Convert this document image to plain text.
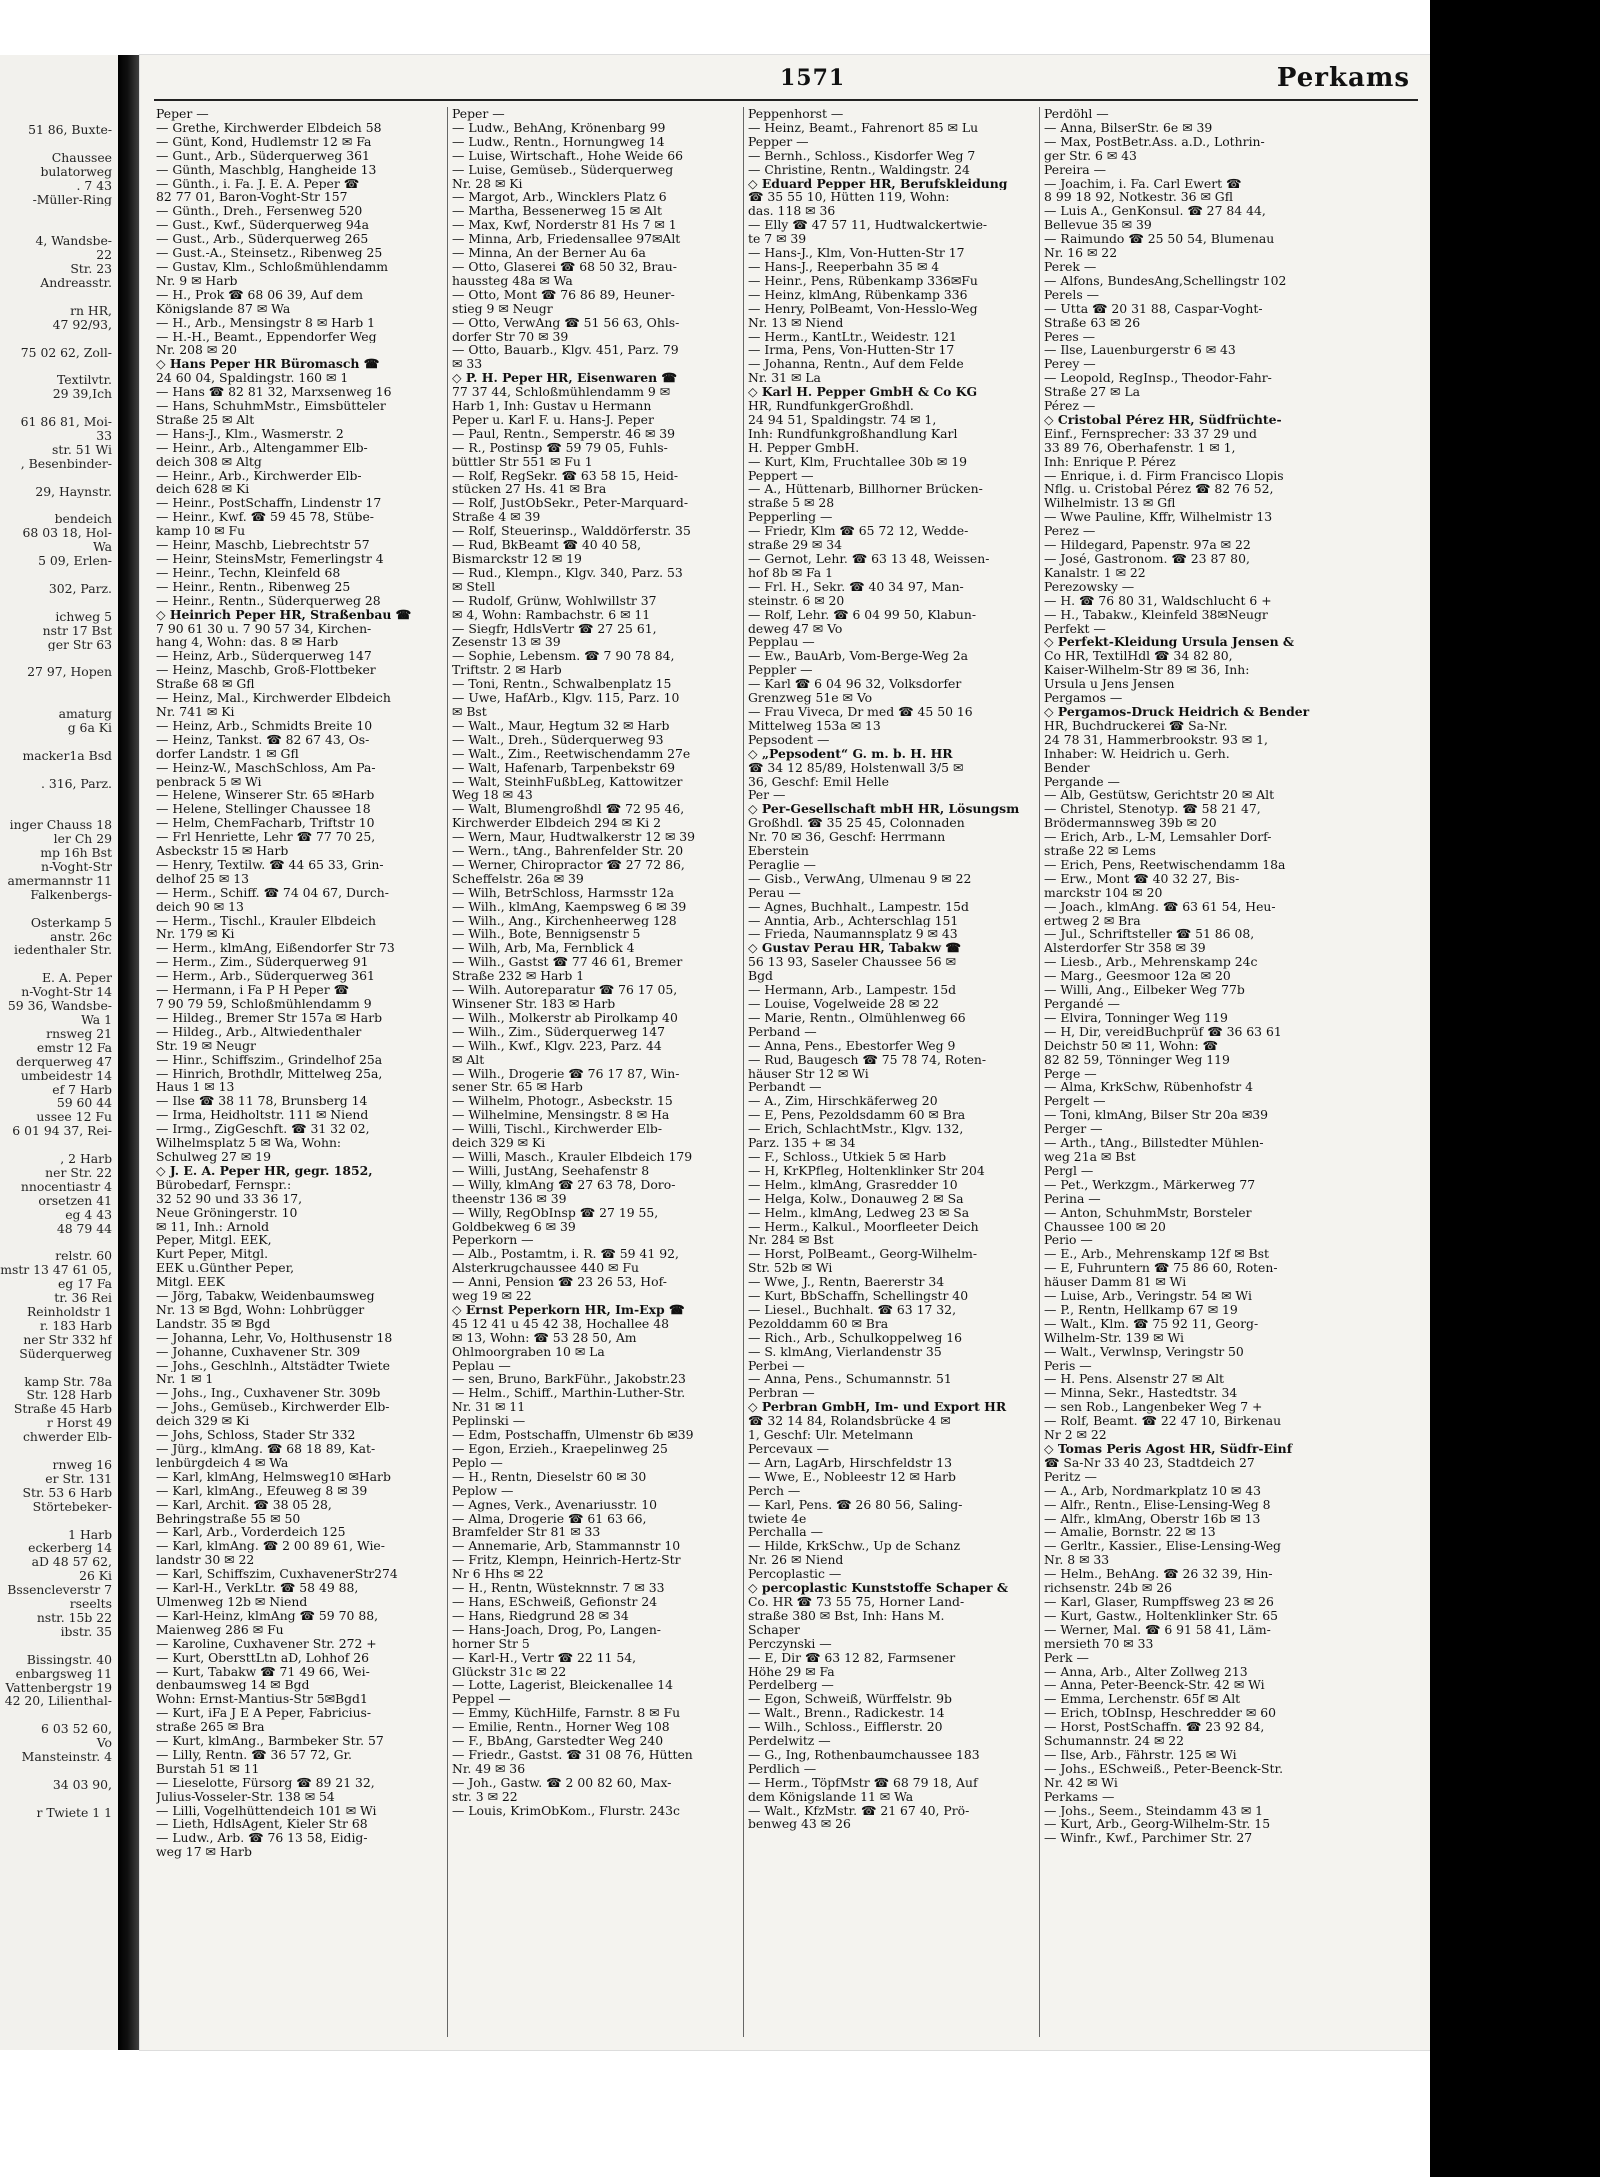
51 86, Buxte-

Chaussee
bulatorweg
. 7 43
-Müller-Ring

4, Wandsbe-
22
Str. 23
Andreasstr.

rn HR,
47 92/93,

75 02 62, Zoll-

Textilvtr.
29 39,Ich

61 86 81, Moi-
33
str. 51 Wi
, Besenbinder-

29, Haynstr.

bendeich
68 03 18, Hol-
Wa
5 09, Erlen-

302, Parz.

ichweg 5
nstr 17 Bst
ger Str 63

27 97, Hopen

amaturg
g 6a Ki

macker1a Bsd

. 316, Parz.

inger Chauss 18
ler Ch 29
mp 16h Bst
n-Voght-Str
amermannstr 11
Falkenbergs-

Osterkamp 5
anstr. 26c
iedenthaler Str.

E. A. Peper
n-Voght-Str 14
59 36, Wandsbe-
Wa 1
rnsweg 21
emstr 12 Fa
derquerweg 47
umbeidestr 14
ef 7 Harb
59 60 44
ussee 12 Fu
6 01 94 37, Rei-

, 2 Harb
ner Str. 22
nnocentiastr 4
orsetzen 41
eg 4 43
48 79 44

relstr. 60
mstr 13 47 61 05,
eg 17 Fa
tr. 36 Rei
Reinholdstr 1
r. 183 Harb
ner Str 332 hf
Süderquerweg

kamp Str. 78a
Str. 128 Harb
Straße 45 Harb
r Horst 49
chwerder Elb-

rnweg 16
er Str. 131
Str. 53 6 Harb
Störtebeker-

1 Harb
eckerberg 14
aD 48 57 62,
26 Ki
Bssencleverstr 7
rseelts
nstr. 15b 22
ibstr. 35

Bissingstr. 40
enbargsweg 11
Vattenbergstr 19
42 20, Lilienthal-

6 03 52 60,
Vo
Mansteinstr. 4

34 03 90,

r Twiete 1 1
1571	Perkams
Peper —
— Grethe, Kirchwerder Elbdeich 58
— Günt, Kond, Hudlemstr 12 ✉ Fa
— Gunt., Arb., Süderquerweg 361
— Günth, Maschblg, Hangheide 13
— Günth., i. Fa. J. E. A. Peper ☎
82 77 01, Baron-Voght-Str 157
— Günth., Dreh., Fersenweg 520
— Gust., Kwf., Süderquerweg 94a
— Gust., Arb., Süderquerweg 265
— Gust.-A., Steinsetz., Ribenweg 25
— Gustav, Klm., Schloßmühlendamm
Nr. 9 ✉ Harb
— H., Prok ☎ 68 06 39, Auf dem
Königslande 87 ✉ Wa
— H., Arb., Mensingstr 8 ✉ Harb 1
— H.-H., Beamt., Eppendorfer Weg
Nr. 208 ✉ 20
◇ Hans Peper HR Büromasch ☎
24 60 04, Spaldingstr. 160 ✉ 1
— Hans ☎ 82 81 32, Marxsenweg 16
— Hans, SchuhmMstr., Eimsbütteler
Straße 25 ✉ Alt
— Hans-J., Klm., Wasmerstr. 2
— Heinr., Arb., Altengammer Elb-
deich 308 ✉ Altg
— Heinr., Arb., Kirchwerder Elb-
deich 628 ✉ Ki
— Heinr., PostSchaffn, Lindenstr 17
— Heinr., Kwf. ☎ 59 45 78, Stübe-
kamp 10 ✉ Fu
— Heinr, Maschb, Liebrechtstr 57
— Heinr, SteinsMstr, Femerlingstr 4
— Heinr., Techn, Kleinfeld 68
— Heinr., Rentn., Ribenweg 25
— Heinr., Rentn., Süderquerweg 28
◇ Heinrich Peper HR, Straßenbau ☎
7 90 61 30 u. 7 90 57 34, Kirchen-
hang 4, Wohn: das. 8 ✉ Harb
— Heinz, Arb., Süderquerweg 147
— Heinz, Maschb, Groß-Flottbeker
Straße 68 ✉ Gfl
— Heinz, Mal., Kirchwerder Elbdeich
Nr. 741 ✉ Ki
— Heinz, Arb., Schmidts Breite 10
— Heinz, Tankst. ☎ 82 67 43, Os-
dorfer Landstr. 1 ✉ Gfl
— Heinz-W., MaschSchloss, Am Pa-
penbrack 5 ✉ Wi
— Helene, Winserer Str. 65 ✉Harb
— Helene, Stellinger Chaussee 18
— Helm, ChemFacharb, Triftstr 10
— Frl Henriette, Lehr ☎ 77 70 25,
Asbeckstr 15 ✉ Harb
— Henry, Textilw. ☎ 44 65 33, Grin-
delhof 25 ✉ 13
— Herm., Schiff. ☎ 74 04 67, Durch-
deich 90 ✉ 13
— Herm., Tischl., Krauler Elbdeich
Nr. 179 ✉ Ki
— Herm., klmAng, Eißendorfer Str 73
— Herm., Zim., Süderquerweg 91
— Herm., Arb., Süderquerweg 361
— Hermann, i Fa P H Peper ☎
7 90 79 59, Schloßmühlendamm 9
— Hildeg., Bremer Str 157a ✉ Harb
— Hildeg., Arb., Altwiedenthaler
Str. 19 ✉ Neugr
— Hinr., Schiffszim., Grindelhof 25a
— Hinrich, Brothdlr, Mittelweg 25a,
Haus 1 ✉ 13
— Ilse ☎ 38 11 78, Brunsberg 14
— Irma, Heidholtstr. 111 ✉ Niend
— Irmg., ZigGeschft. ☎ 31 32 02,
Wilhelmsplatz 5 ✉ Wa, Wohn:
Schulweg 27 ✉ 19
◇ J. E. A. Peper HR, gegr. 1852,
Bürobedarf, Fernspr.:
32 52 90 und 33 36 17,
Neue Gröningerstr. 10
✉ 11, Inh.: Arnold
Peper, Mitgl. EEK,
Kurt Peper, Mitgl.
EEK u.Günther Peper,
Mitgl. EEK
— Jörg, Tabakw, Weidenbaumsweg
Nr. 13 ✉ Bgd, Wohn: Lohbrügger
Landstr. 35 ✉ Bgd
— Johanna, Lehr, Vo, Holthusenstr 18
— Johanne, Cuxhavener Str. 309
— Johs., Geschlnh., Altstädter Twiete
Nr. 1 ✉ 1
— Johs., Ing., Cuxhavener Str. 309b
— Johs., Gemüseb., Kirchwerder Elb-
deich 329 ✉ Ki
— Johs, Schloss, Stader Str 332
— Jürg., klmAng. ☎ 68 18 89, Kat-
lenbürgdeich 4 ✉ Wa
— Karl, klmAng, Helmsweg10 ✉Harb
— Karl, klmAng., Efeuweg 8 ✉ 39
— Karl, Archit. ☎ 38 05 28,
Behringstraße 55 ✉ 50
— Karl, Arb., Vorderdeich 125
— Karl, klmAng. ☎ 2 00 89 61, Wie-
landstr 30 ✉ 22
— Karl, Schiffszim, CuxhavenerStr274
— Karl-H., VerkLtr. ☎ 58 49 88,
Ulmenweg 12b ✉ Niend
— Karl-Heinz, klmAng ☎ 59 70 88,
Maienweg 286 ✉ Fu
— Karoline, Cuxhavener Str. 272 +
— Kurt, ObersttLtn aD, Lohhof 26
— Kurt, Tabakw ☎ 71 49 66, Wei-
denbaumsweg 14 ✉ Bgd
Wohn: Ernst-Mantius-Str 5✉Bgd1
— Kurt, iFa J E A Peper, Fabricius-
straße 265 ✉ Bra
— Kurt, klmAng., Barmbeker Str. 57
— Lilly, Rentn. ☎ 36 57 72, Gr.
Burstah 51 ✉ 11
— Lieselotte, Fürsorg ☎ 89 21 32,
Julius-Vosseler-Str. 138 ✉ 54
— Lilli, Vogelhüttendeich 101 ✉ Wi
— Lieth, HdlsAgent, Kieler Str 68
— Ludw., Arb. ☎ 76 13 58, Eidig-
weg 17 ✉ Harb
Peper —
— Ludw., BehAng, Krönenbarg 99
— Ludw., Rentn., Hornungweg 14
— Luise, Wirtschaft., Hohe Weide 66
— Luise, Gemüseb., Süderquerweg
Nr. 28 ✉ Ki
— Margot, Arb., Wincklers Platz 6
— Martha, Bessenerweg 15 ✉ Alt
— Max, Kwf, Norderstr 81 Hs 7 ✉ 1
— Minna, Arb, Friedensallee 97✉Alt
— Minna, An der Berner Au 6a
— Otto, Glaserei ☎ 68 50 32, Brau-
haussteg 48a ✉ Wa
— Otto, Mont ☎ 76 86 89, Heuner-
stieg 9 ✉ Neugr
— Otto, VerwAng ☎ 51 56 63, Ohls-
dorfer Str 70 ✉ 39
— Otto, Bauarb., Klgv. 451, Parz. 79
✉ 33
◇ P. H. Peper HR, Eisenwaren ☎
77 37 44, Schloßmühlendamm 9 ✉
Harb 1, Inh: Gustav u Hermann
Peper u. Karl F. u. Hans-J. Peper
— Paul, Rentn., Semperstr. 46 ✉ 39
— R., Postinsp ☎ 59 79 05, Fuhls-
büttler Str 551 ✉ Fu 1
— Rolf, RegSekr. ☎ 63 58 15, Heid-
stücken 27 Hs. 41 ✉ Bra
— Rolf, JustObSekr., Peter-Marquard-
Straße 4 ✉ 39
— Rolf, Steuerinsp., Walddörferstr. 35
— Rud, BkBeamt ☎ 40 40 58,
Bismarckstr 12 ✉ 19
— Rud., Klempn., Klgv. 340, Parz. 53
✉ Stell
— Rudolf, Grünw, Wohlwillstr 37
✉ 4, Wohn: Rambachstr. 6 ✉ 11
— Siegfr, HdlsVertr ☎ 27 25 61,
Zesenstr 13 ✉ 39
— Sophie, Lebensm. ☎ 7 90 78 84,
Triftstr. 2 ✉ Harb
— Toni, Rentn., Schwalbenplatz 15
— Uwe, HafArb., Klgv. 115, Parz. 10
✉ Bst
— Walt., Maur, Hegtum 32 ✉ Harb
— Walt., Dreh., Süderquerweg 93
— Walt., Zim., Reetwischendamm 27e
— Walt, Hafenarb, Tarpenbekstr 69
— Walt, SteinhFußbLeg, Kattowitzer
Weg 18 ✉ 43
— Walt, Blumengroßhdl ☎ 72 95 46,
Kirchwerder Elbdeich 294 ✉ Ki 2
— Wern, Maur, Hudtwalkerstr 12 ✉ 39
— Wern., tAng., Bahrenfelder Str. 20
— Werner, Chiropractor ☎ 27 72 86,
Scheffelstr. 26a ✉ 39
— Wilh, BetrSchloss, Harmsstr 12a
— Wilh., klmAng, Kaempsweg 6 ✉ 39
— Wilh., Ang., Kirchenheerweg 128
— Wilh., Bote, Bennigsenstr 5
— Wilh, Arb, Ma, Fernblick 4
— Wilh., Gastst ☎ 77 46 61, Bremer
Straße 232 ✉ Harb 1
— Wilh. Autoreparatur ☎ 76 17 05,
Winsener Str. 183 ✉ Harb
— Wilh., Molkerstr ab Pirolkamp 40
— Wilh., Zim., Süderquerweg 147
— Wilh., Kwf., Klgv. 223, Parz. 44
✉ Alt
— Wilh., Drogerie ☎ 76 17 87, Win-
sener Str. 65 ✉ Harb
— Wilhelm, Photogr., Asbeckstr. 15
— Wilhelmine, Mensingstr. 8 ✉ Ha
— Willi, Tischl., Kirchwerder Elb-
deich 329 ✉ Ki
— Willi, Masch., Krauler Elbdeich 179
— Willi, JustAng, Seehafenstr 8
— Willy, klmAng ☎ 27 63 78, Doro-
theenstr 136 ✉ 39
— Willy, RegObInsp ☎ 27 19 55,
Goldbekweg 6 ✉ 39
Peperkorn —
— Alb., Postamtm, i. R. ☎ 59 41 92,
Alsterkrugchaussee 440 ✉ Fu
— Anni, Pension ☎ 23 26 53, Hof-
weg 19 ✉ 22
◇ Ernst Peperkorn HR, Im-Exp ☎
45 12 41 u 45 42 38, Hochallee 48
✉ 13, Wohn: ☎ 53 28 50, Am
Ohlmoorgraben 10 ✉ La
Peplau —
— sen, Bruno, BarkFühr., Jakobstr.23
— Helm., Schiff., Marthin-Luther-Str.
Nr. 31 ✉ 11
Peplinski —
— Edm, Postschaffn, Ulmenstr 6b ✉39
— Egon, Erzieh., Kraepelinweg 25
Peplo —
— H., Rentn, Dieselstr 60 ✉ 30
Peplow —
— Agnes, Verk., Avenariusstr. 10
— Alma, Drogerie ☎ 61 63 66,
Bramfelder Str 81 ✉ 33
— Annemarie, Arb, Stammannstr 10
— Fritz, Klempn, Heinrich-Hertz-Str
Nr 6 Hhs ✉ 22
— H., Rentn, Wüsteknnstr. 7 ✉ 33
— Hans, ESchweiß, Gefionstr 24
— Hans, Riedgrund 28 ✉ 34
— Hans-Joach, Drog, Po, Langen-
horner Str 5
— Karl-H., Vertr ☎ 22 11 54,
Glückstr 31c ✉ 22
— Lotte, Lagerist, Bleickenallee 14
Peppel —
— Emmy, KüchHilfe, Farnstr. 8 ✉ Fu
— Emilie, Rentn., Horner Weg 108
— F., BbAng, Garstedter Weg 240
— Friedr., Gastst. ☎ 31 08 76, Hütten
Nr. 49 ✉ 36
— Joh., Gastw. ☎ 2 00 82 60, Max-
str. 3 ✉ 22
— Louis, KrimObKom., Flurstr. 243c
Peppenhorst —
— Heinz, Beamt., Fahrenort 85 ✉ Lu
Pepper —
— Bernh., Schloss., Kisdorfer Weg 7
— Christine, Rentn., Waldingstr. 24
◇ Eduard Pepper HR, Berufskleidung
☎ 35 55 10, Hütten 119, Wohn:
das. 118 ✉ 36
— Elly ☎ 47 57 11, Hudtwalckertwie-
te 7 ✉ 39
— Hans-J., Klm, Von-Hutten-Str 17
— Hans-J., Reeperbahn 35 ✉ 4
— Heinr., Pens, Rübenkamp 336✉Fu
— Heinz, klmAng, Rübenkamp 336
— Henry, PolBeamt, Von-Hesslo-Weg
Nr. 13 ✉ Niend
— Herm., KantLtr., Weidestr. 121
— Irma, Pens, Von-Hutten-Str 17
— Johanna, Rentn., Auf dem Felde
Nr. 31 ✉ La
◇ Karl H. Pepper GmbH & Co KG
HR, RundfunkgerGroßhdl.
24 94 51, Spaldingstr. 74 ✉ 1,
Inh: Rundfunkgroßhandlung Karl
H. Pepper GmbH.
— Kurt, Klm, Fruchtallee 30b ✉ 19
Peppert —
— A., Hüttenarb, Billhorner Brücken-
straße 5 ✉ 28
Pepperling —
— Friedr, Klm ☎ 65 72 12, Wedde-
straße 29 ✉ 34
— Gernot, Lehr. ☎ 63 13 48, Weissen-
hof 8b ✉ Fa 1
— Frl. H., Sekr. ☎ 40 34 97, Man-
steinstr. 6 ✉ 20
— Rolf, Lehr. ☎ 6 04 99 50, Klabun-
deweg 47 ✉ Vo
Pepplau —
— Ew., BauArb, Vom-Berge-Weg 2a
Peppler —
— Karl ☎ 6 04 96 32, Volksdorfer
Grenzweg 51e ✉ Vo
— Frau Viveca, Dr med ☎ 45 50 16
Mittelweg 153a ✉ 13
Pepsodent —
◇ „Pepsodent“ G. m. b. H. HR
☎ 34 12 85/89, Holstenwall 3/5 ✉
36, Geschf: Emil Helle
Per —
◇ Per-Gesellschaft mbH HR, Lösungsm
Großhdl. ☎ 35 25 45, Colonnaden
Nr. 70 ✉ 36, Geschf: Herrmann
Eberstein
Peraglie —
— Gisb., VerwAng, Ulmenau 9 ✉ 22
Perau —
— Agnes, Buchhalt., Lampestr. 15d
— Anntia, Arb., Achterschlag 151
— Frieda, Naumannsplatz 9 ✉ 43
◇ Gustav Perau HR, Tabakw ☎
56 13 93, Saseler Chaussee 56 ✉
Bgd
— Hermann, Arb., Lampestr. 15d
— Louise, Vogelweide 28 ✉ 22
— Marie, Rentn., Olmühlenweg 66
Perband —
— Anna, Pens., Ebestorfer Weg 9
— Rud, Baugesch ☎ 75 78 74, Roten-
häuser Str 12 ✉ Wi
Perbandt —
— A., Zim, Hirschkäferweg 20
— E, Pens, Pezoldsdamm 60 ✉ Bra
— Erich, SchlachtMstr., Klgv. 132,
Parz. 135 + ✉ 34
— F., Schloss., Utkiek 5 ✉ Harb
— H, KrKPfleg, Holtenklinker Str 204
— Helm., klmAng, Grasredder 10
— Helga, Kolw., Donauweg 2 ✉ Sa
— Helm., klmAng, Ledweg 23 ✉ Sa
— Herm., Kalkul., Moorfleeter Deich
Nr. 284 ✉ Bst
— Horst, PolBeamt., Georg-Wilhelm-
Str. 52b ✉ Wi
— Wwe, J., Rentn, Baererstr 34
— Kurt, BbSchaffn, Schellingstr 40
— Liesel., Buchhalt. ☎ 63 17 32,
Pezolddamm 60 ✉ Bra
— Rich., Arb., Schulkoppelweg 16
— S. klmAng, Vierlandenstr 35
Perbei —
— Anna, Pens., Schumannstr. 51
Perbran —
◇ Perbran GmbH, Im- und Export HR
☎ 32 14 84, Rolandsbrücke 4 ✉
1, Geschf: Ulr. Metelmann
Percevaux —
— Arn, LagArb, Hirschfeldstr 13
— Wwe, E., Nobleestr 12 ✉ Harb
Perch —
— Karl, Pens. ☎ 26 80 56, Saling-
twiete 4e
Perchalla —
— Hilde, KrkSchw., Up de Schanz
Nr. 26 ✉ Niend
Percoplastic —
◇ percoplastic Kunststoffe Schaper &
Co. HR ☎ 73 55 75, Horner Land-
straße 380 ✉ Bst, Inh: Hans M.
Schaper
Perczynski —
— E, Dir ☎ 63 12 82, Farmsener
Höhe 29 ✉ Fa
Perdelberg —
— Egon, Schweiß, Würffelstr. 9b
— Walt., Brenn., Radickestr. 14
— Wilh., Schloss., Eifflerstr. 20
Perdelwitz —
— G., Ing, Rothenbaumchaussee 183
Perdlich —
— Herm., TöpfMstr ☎ 68 79 18, Auf
dem Königslande 11 ✉ Wa
— Walt., KfzMstr. ☎ 21 67 40, Prö-
benweg 43 ✉ 26
Perdöhl —
— Anna, BilserStr. 6e ✉ 39
— Max, PostBetr.Ass. a.D., Lothrin-
ger Str. 6 ✉ 43
Pereira —
— Joachim, i. Fa. Carl Ewert ☎
8 99 18 92, Notkestr. 36 ✉ Gfl
— Luis A., GenKonsul. ☎ 27 84 44,
Bellevue 35 ✉ 39
— Raimundo ☎ 25 50 54, Blumenau
Nr. 16 ✉ 22
Perek —
— Alfons, BundesAng,Schellingstr 102
Perels —
— Utta ☎ 20 31 88, Caspar-Voght-
Straße 63 ✉ 26
Peres —
— Ilse, Lauenburgerstr 6 ✉ 43
Perey —
— Leopold, RegInsp., Theodor-Fahr-
Straße 27 ✉ La
Pérez —
◇ Cristobal Pérez HR, Südfrüchte-
Einf., Fernsprecher: 33 37 29 und
33 89 76, Oberhafenstr. 1 ✉ 1,
Inh: Enrique P. Pérez
— Enrique, i. d. Firm Francisco Llopis
Nflg. u. Cristobal Pérez ☎ 82 76 52,
Wilhelmistr. 13 ✉ Gfl
— Wwe Pauline, Kffr, Wilhelmistr 13
Perez —
— Hildegard, Papenstr. 97a ✉ 22
— José, Gastronom. ☎ 23 87 80,
Kanalstr. 1 ✉ 22
Perezowsky —
— H. ☎ 76 80 31, Waldschlucht 6 +
— H., Tabakw., Kleinfeld 38✉Neugr
Perfekt —
◇ Perfekt-Kleidung Ursula Jensen &
Co HR, TextilHdl ☎ 34 82 80,
Kaiser-Wilhelm-Str 89 ✉ 36, Inh:
Ursula u Jens Jensen
Pergamos —
◇ Pergamos-Druck Heidrich & Bender
HR, Buchdruckerei ☎ Sa-Nr.
24 78 31, Hammerbrookstr. 93 ✉ 1,
Inhaber: W. Heidrich u. Gerh.
Bender
Pergande —
— Alb, Gestütsw, Gerichtstr 20 ✉ Alt
— Christel, Stenotyp. ☎ 58 21 47,
Brödermannsweg 39b ✉ 20
— Erich, Arb., L-M, Lemsahler Dorf-
straße 22 ✉ Lems
— Erich, Pens, Reetwischendamm 18a
— Erw., Mont ☎ 40 32 27, Bis-
marckstr 104 ✉ 20
— Joach., klmAng. ☎ 63 61 54, Heu-
ertweg 2 ✉ Bra
— Jul., Schriftsteller ☎ 51 86 08,
Alsterdorfer Str 358 ✉ 39
— Liesb., Arb., Mehrenskamp 24c
— Marg., Geesmoor 12a ✉ 20
— Willi, Ang., Eilbeker Weg 77b
Pergandé —
— Elvira, Tonninger Weg 119
— H, Dir, vereidBuchprüf ☎ 36 63 61
Deichstr 50 ✉ 11, Wohn: ☎
82 82 59, Tönninger Weg 119
Perge —
— Alma, KrkSchw, Rübenhofstr 4
Pergelt —
— Toni, klmAng, Bilser Str 20a ✉39
Perger —
— Arth., tAng., Billstedter Mühlen-
weg 21a ✉ Bst
Pergl —
— Pet., Werkzgm., Märkerweg 77
Perina —
— Anton, SchuhmMstr, Borsteler
Chaussee 100 ✉ 20
Perio —
— E., Arb., Mehrenskamp 12f ✉ Bst
— E, Fuhruntern ☎ 75 86 60, Roten-
häuser Damm 81 ✉ Wi
— Luise, Arb., Veringstr. 54 ✉ Wi
— P., Rentn, Hellkamp 67 ✉ 19
— Walt., Klm. ☎ 75 92 11, Georg-
Wilhelm-Str. 139 ✉ Wi
— Walt., Verwlnsp, Veringstr 50
Peris —
— H. Pens. Alsenstr 27 ✉ Alt
— Minna, Sekr., Hastedtstr. 34
— sen Rob., Langenbeker Weg 7 +
— Rolf, Beamt. ☎ 22 47 10, Birkenau
Nr 2 ✉ 22
◇ Tomas Peris Agost HR, Südfr-Einf
☎ Sa-Nr 33 40 23, Stadtdeich 27
Peritz —
— A., Arb, Nordmarkplatz 10 ✉ 43
— Alfr., Rentn., Elise-Lensing-Weg 8
— Alfr., klmAng, Oberstr 16b ✉ 13
— Amalie, Bornstr. 22 ✉ 13
— Gerltr., Kassier., Elise-Lensing-Weg
Nr. 8 ✉ 33
— Helm., BehAng. ☎ 26 32 39, Hin-
richsenstr. 24b ✉ 26
— Karl, Glaser, Rumpffsweg 23 ✉ 26
— Kurt, Gastw., Holtenklinker Str. 65
— Werner, Mal. ☎ 6 91 58 41, Läm-
mersieth 70 ✉ 33
Perk —
— Anna, Arb., Alter Zollweg 213
— Anna, Peter-Beenck-Str. 42 ✉ Wi
— Emma, Lerchenstr. 65f ✉ Alt
— Erich, tObInsp, Heschredder ✉ 60
— Horst, PostSchaffn. ☎ 23 92 84,
Schumannstr. 24 ✉ 22
— Ilse, Arb., Fährstr. 125 ✉ Wi
— Johs., ESchweiß., Peter-Beenck-Str.
Nr. 42 ✉ Wi
Perkams —
— Johs., Seem., Steindamm 43 ✉ 1
— Kurt, Arb., Georg-Wilhelm-Str. 15
— Winfr., Kwf., Parchimer Str. 27
